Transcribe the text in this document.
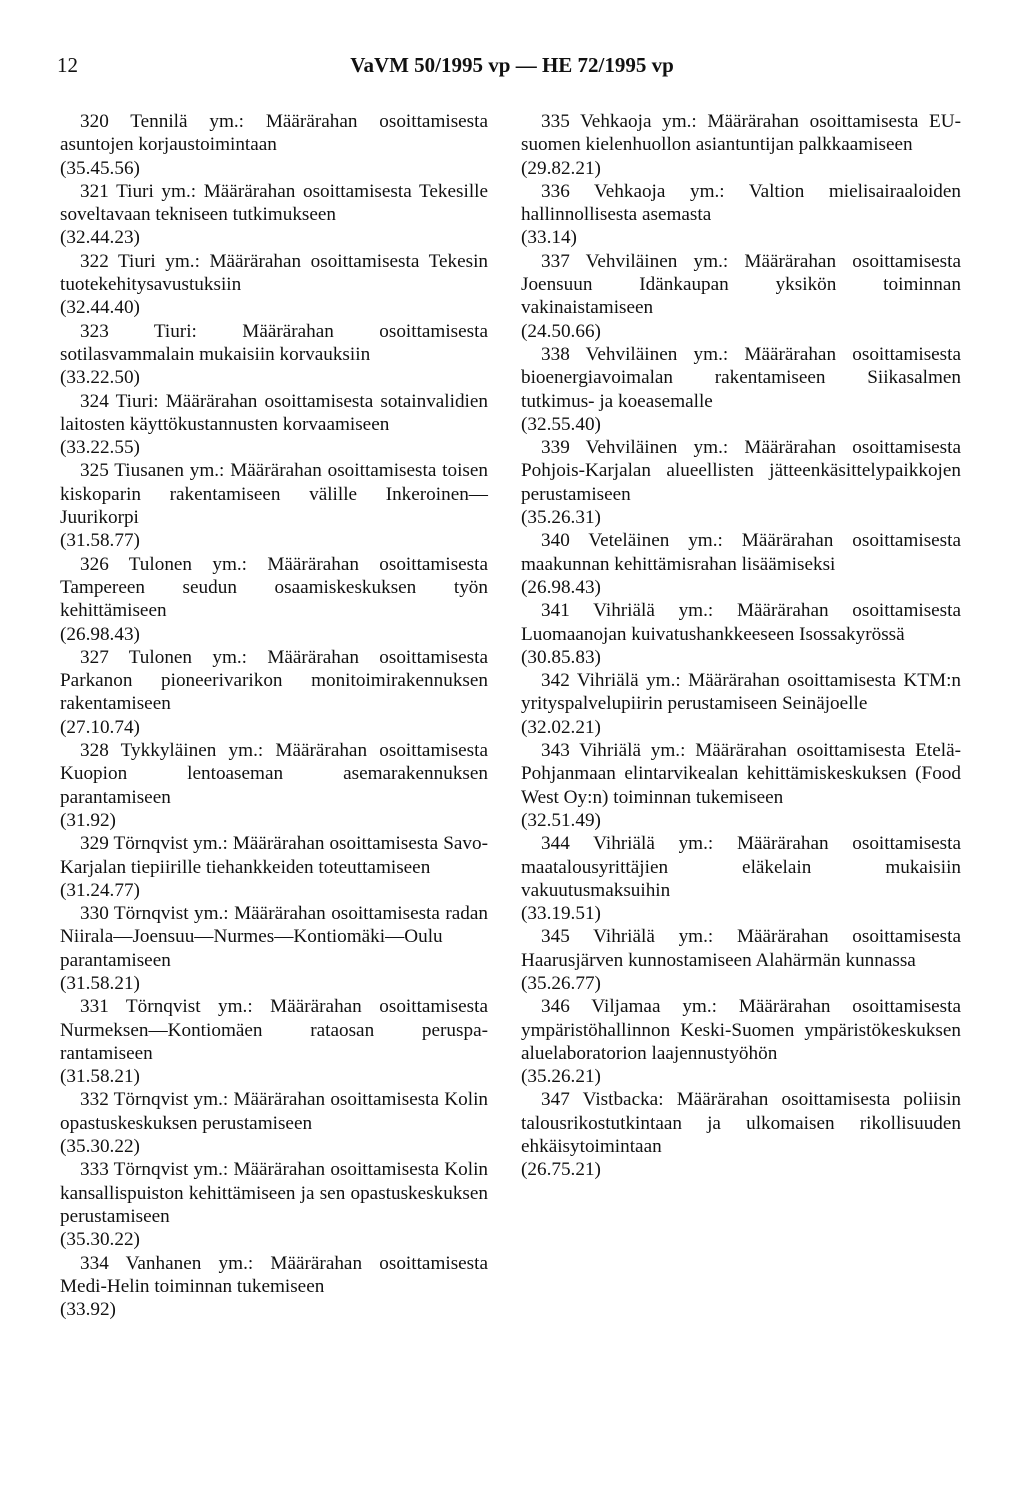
12	VaVM 50/1995 vp — HE 72/1995 vp
320 Tennilä ym.: Määrärahan osoittamisesta asuntojen korjaustoimintaan
(35.45.56)
321 Tiuri ym.: Määrärahan osoittamisesta Tekesille soveltavaan tekniseen tutkimukseen
(32.44.23)
322 Tiuri ym.: Määrärahan osoittamisesta Tekesin tuotekehitysavustuksiin
(32.44.40)
323 Tiuri: Määrärahan osoittamisesta sotilasvammalain mukaisiin korvauksiin
(33.22.50)
324 Tiuri: Määrärahan osoittamisesta sotainvalidien laitosten käyttökustannusten korvaamiseen
(33.22.55)
325 Tiusanen ym.: Määrärahan osoittamisesta toisen kiskoparin rakentamiseen välille Inkeroinen—Juurikorpi
(31.58.77)
326 Tulonen ym.: Määrärahan osoittamisesta Tampereen seudun osaamiskeskuksen työn kehittämiseen
(26.98.43)
327 Tulonen ym.: Määrärahan osoittamisesta Parkanon pioneerivarikon monitoimirakennuksen rakentamiseen
(27.10.74)
328 Tykkyläinen ym.: Määrärahan osoittamisesta Kuopion lentoaseman asemarakennuksen parantamiseen
(31.92)
329 Törnqvist ym.: Määrärahan osoittamisesta Savo-Karjalan tiepiirille tiehankkeiden toteuttamiseen
(31.24.77)
330 Törnqvist ym.: Määrärahan osoittamisesta radan Niirala—Joensuu—Nurmes—Kontiomäki—Oulu parantamiseen
(31.58.21)
331 Törnqvist ym.: Määrärahan osoittamisesta Nurmeksen—Kontiomäen rataosan peruspa- rantamiseen
(31.58.21)
332 Törnqvist ym.: Määrärahan osoittamisesta Kolin opastuskeskuksen perustamiseen
(35.30.22)
333 Törnqvist ym.: Määrärahan osoittamisesta Kolin kansallispuiston kehittämiseen ja sen opastuskeskuksen perustamiseen
(35.30.22)
334 Vanhanen ym.: Määrärahan osoittamisesta Medi-Helin toiminnan tukemiseen
(33.92)
335 Vehkaoja ym.: Määrärahan osoittamisesta EU-suomen kielenhuollon asiantuntijan palkkaamiseen
(29.82.21)
336 Vehkaoja ym.: Valtion mielisairaaloiden hallinnollisesta asemasta
(33.14)
337 Vehviläinen ym.: Määrärahan osoittamisesta Joensuun Idänkaupan yksikön toiminnan vakinaistamiseen
(24.50.66)
338 Vehviläinen ym.: Määrärahan osoittamisesta bioenergiavoimalan rakentamiseen Siikasalmen tutkimus- ja koeasemalle
(32.55.40)
339 Vehviläinen ym.: Määrärahan osoittamisesta Pohjois-Karjalan alueellisten jätteenkäsittelypaikkojen perustamiseen
(35.26.31)
340 Veteläinen ym.: Määrärahan osoittamisesta maakunnan kehittämisrahan lisäämiseksi
(26.98.43)
341 Vihriälä ym.: Määrärahan osoittamisesta Luomaanojan kuivatushankkeeseen Isossakyrössä
(30.85.83)
342 Vihriälä ym.: Määrärahan osoittamisesta KTM:n yrityspalvelupiirin perustamiseen Seinäjoelle
(32.02.21)
343 Vihriälä ym.: Määrärahan osoittamisesta Etelä-Pohjanmaan elintarvikealan kehittämiskeskuksen (Food West Oy:n) toiminnan tukemiseen
(32.51.49)
344 Vihriälä ym.: Määrärahan osoittamisesta maatalousyrittäjien eläkelain mukaisiin vakuutusmaksuihin
(33.19.51)
345 Vihriälä ym.: Määrärahan osoittamisesta Haarusjärven kunnostamiseen Alahärmän kunnassa
(35.26.77)
346 Viljamaa ym.: Määrärahan osoittamisesta ympäristöhallinnon Keski-Suomen ympäristökeskuksen aluelaboratorion laajennustyöhön
(35.26.21)
347 Vistbacka: Määrärahan osoittamisesta poliisin talousrikostutkintaan ja ulkomaisen rikollisuuden ehkäisytoimintaan
(26.75.21)
